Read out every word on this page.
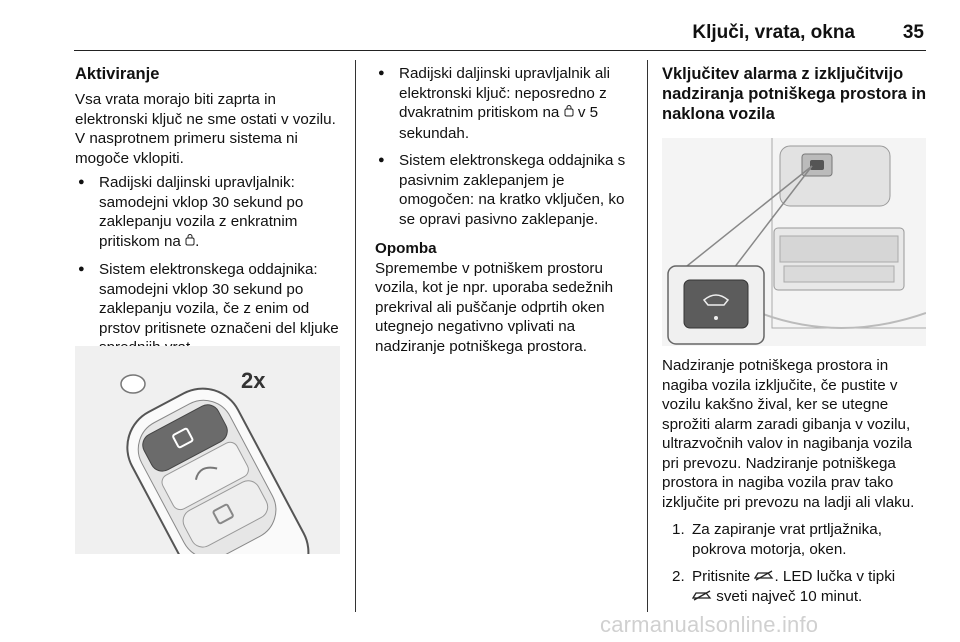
Ključi, vrata, okna	35
Aktiviranje

Vsa vrata morajo biti zaprta in elektronski ključ ne sme ostati v vozilu. V nasprotnem primeru sistema ni mogoče vklopiti.

● Radijski daljinski upravljalnik: samodejni vklop 30 sekund po zaklepanju vozila z enkratnim pritiskom na .
● Sistem elektronskega oddajnika: samodejni vklop 30 sekund po zaklepanju vozila, če z enim od prstov pritisnete označeni del kljuke
2x
● Radijski daljinski upravljalnik ali elektronski ključ: neposredno z dvakratnim pritiskom na  v 5 sekundah.
● Sistem elektronskega oddajnika s pasivnim zaklepanjem je omogočen: na kratko vključen, ko se opravi pasivno zaklepanje.

Opomba

Spremembe v potniškem prostoru vozila, kot je npr. uporaba sedežnih prekrival ali puščanje odprtih oken utegnejo negativno vplivati na nadziranje potniškega prostora.

Vključitev alarma z izključitvijo nadziranja potniškega prostora in naklona vozila

Nadziranje potniškega prostora in nagiba vozila izključite, če pustite v vozilu kakšno žival, ker se utegne sprožiti alarm zaradi gibanja v vozilu, ultrazvočnih valov in nagibanja vozila pri prevozu. Nadziranje potniškega prostora in nagiba vozila prav tako izključite pri prevozu na ladji ali vlaku.

1. Za zapiranje vrat prtljažnika, pokrova motorja, oken.
2. Pritisnite . LED lučka v tipki
sveti največ 10 minut.
carmanualsonline.info
